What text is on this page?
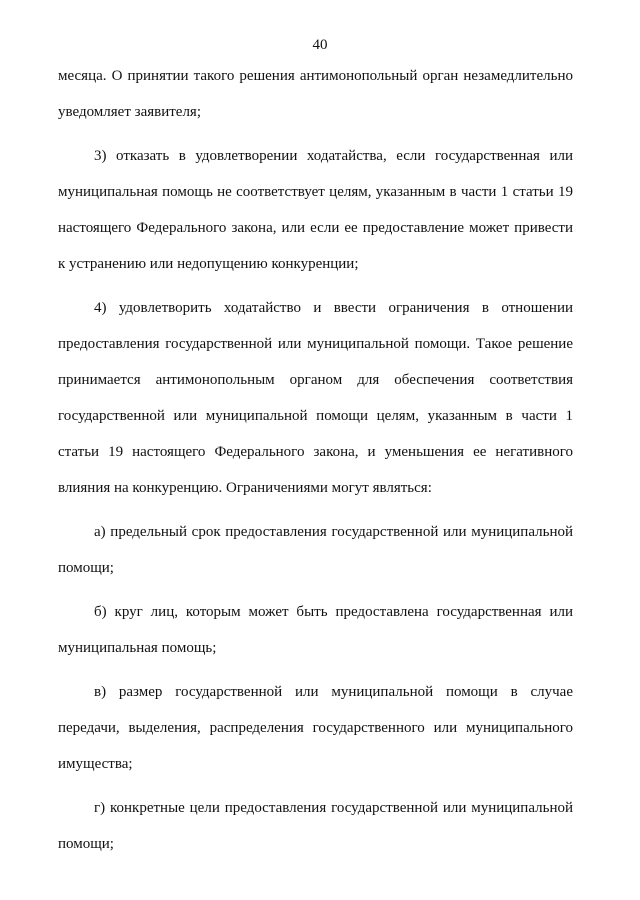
40

месяца. О принятии такого решения антимонопольный орган незамедлительно уведомляет заявителя;

3) отказать в удовлетворении ходатайства, если государственная или муниципальная помощь не соответствует целям, указанным в части 1 статьи 19 настоящего Федерального закона, или если ее предоставление может привести к устранению или недопущению конкуренции;

4) удовлетворить ходатайство и ввести ограничения в отношении предоставления государственной или муниципальной помощи. Такое решение принимается антимонопольным органом для обеспечения соответствия государственной или муниципальной помощи целям, указанным в части 1 статьи 19 настоящего Федерального закона, и уменьшения ее негативного влияния на конкуренцию. Ограничениями могут являться:

а) предельный срок предоставления государственной или муниципальной помощи;

б) круг лиц, которым может быть предоставлена государственная или муниципальная помощь;

в) размер государственной или муниципальной помощи в случае передачи, выделения, распределения государственного или муниципального имущества;

г) конкретные цели предоставления государственной или муниципальной помощи;
